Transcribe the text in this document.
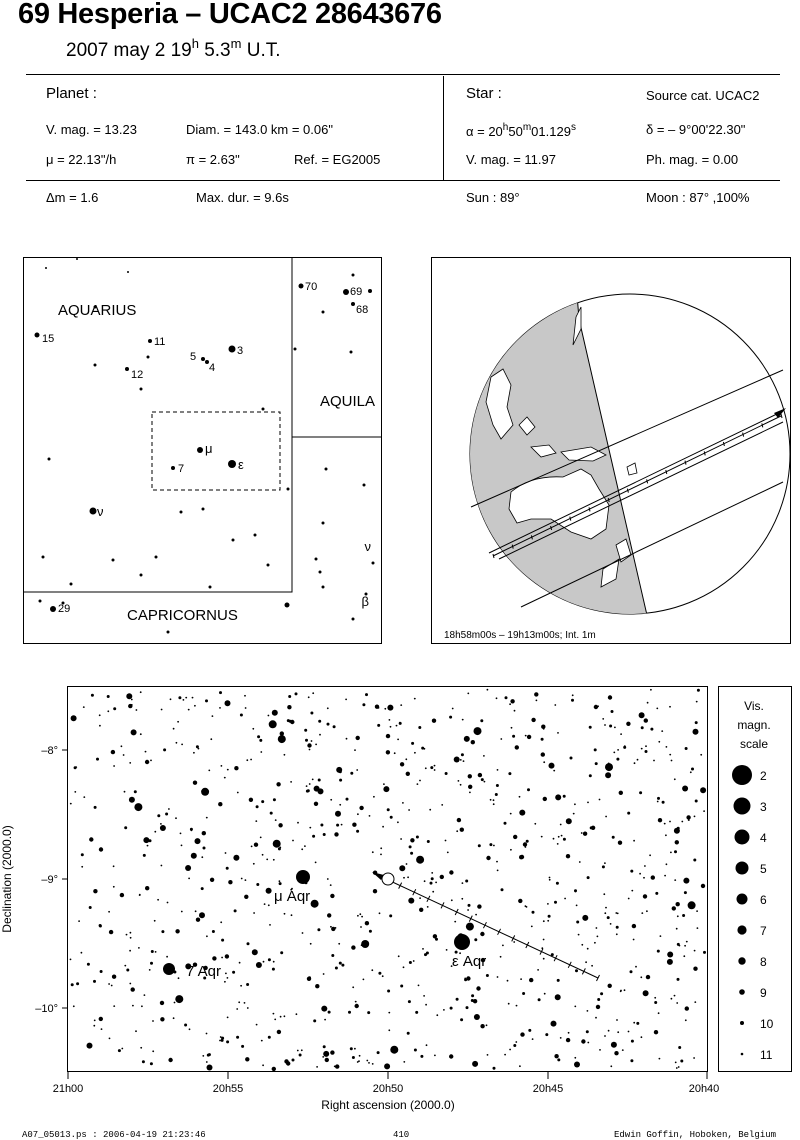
69 Hesperia – UCAC2 28643676
2007 may 2 19$^h$ 5.3$^m$ U.T.
Planet :
V. mag. = 13.23	Diam. = 143.0 km = 0.06"
μ = 22.13"/h	π = 2.63"	Ref. = EG2005
Δm = 1.6	Max. dur. = 9.6s
Star :	Source cat. UCAC2
$\alpha = 20^h50^m01.129^s$	δ = – 9°00'22.30"
V. mag. = 11.97	Ph. mag. = 0.00
Sun : 89°	Moon : 87° ,100%
AQUARIUS
AQUILA
CAPRICORNUS
70	69
68
15	11
3
5
4
12
μ
ε
7
ν
ν
β
29
18h58m00s – 19h13m00s; Int. 1m
μ Aqr
ε Aqr
7 Aqr
21h00	20h55	20h50	20h45	20h40
–8°
–9°
–10°
Right ascension (2000.0)
Declination (2000.0)
Vis.
magn.
scale
2
3
4
5
6
7
8
9
10
11
A07_05013.ps : 2006-04-19 21:23:46	410	Edwin Goffin, Hoboken, Belgium
